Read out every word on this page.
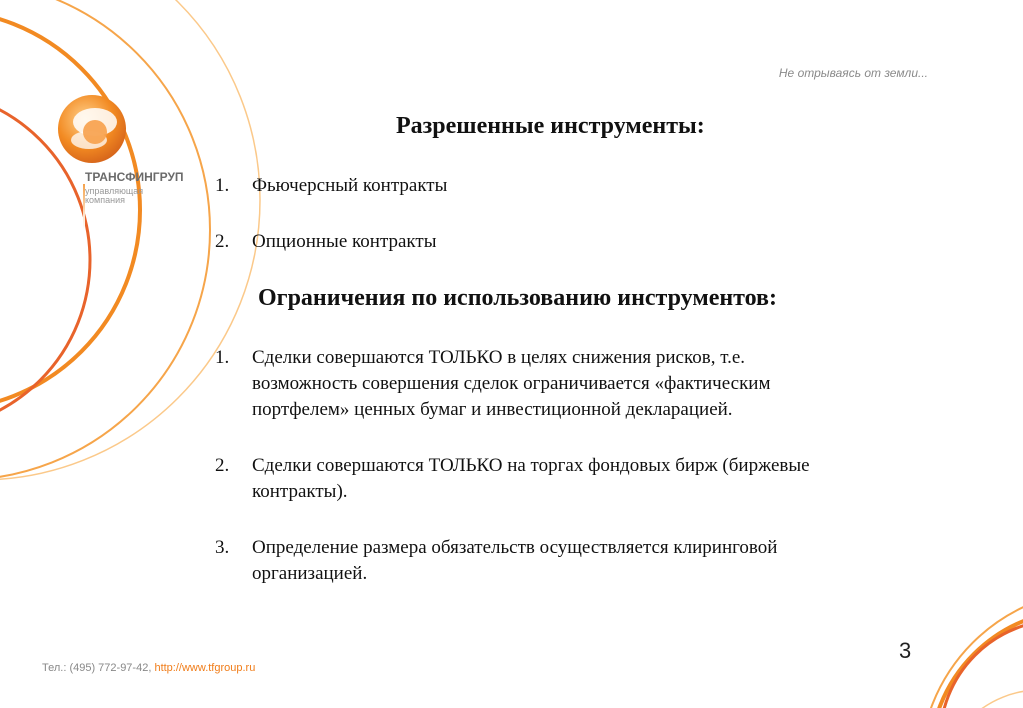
Не отрываясь от земли...
ТРАНСФИНГРУП
управляющая компания
Разрешенные инструменты:
1. Фьючерсный контракты
2. Опционные контракты
Ограничения по использованию инструментов:
1. Сделки совершаются ТОЛЬКО в целях снижения рисков, т.е.
возможность совершения сделок ограничивается «фактическим
портфелем» ценных бумаг и инвестиционной декларацией.
2. Сделки совершаются ТОЛЬКО на торгах фондовых бирж (биржевые
контракты).
3. Определение размера обязательств осуществляется клиринговой
организацией.
3
Тел.: (495) 772-97-42, http://www.tfgroup.ru
